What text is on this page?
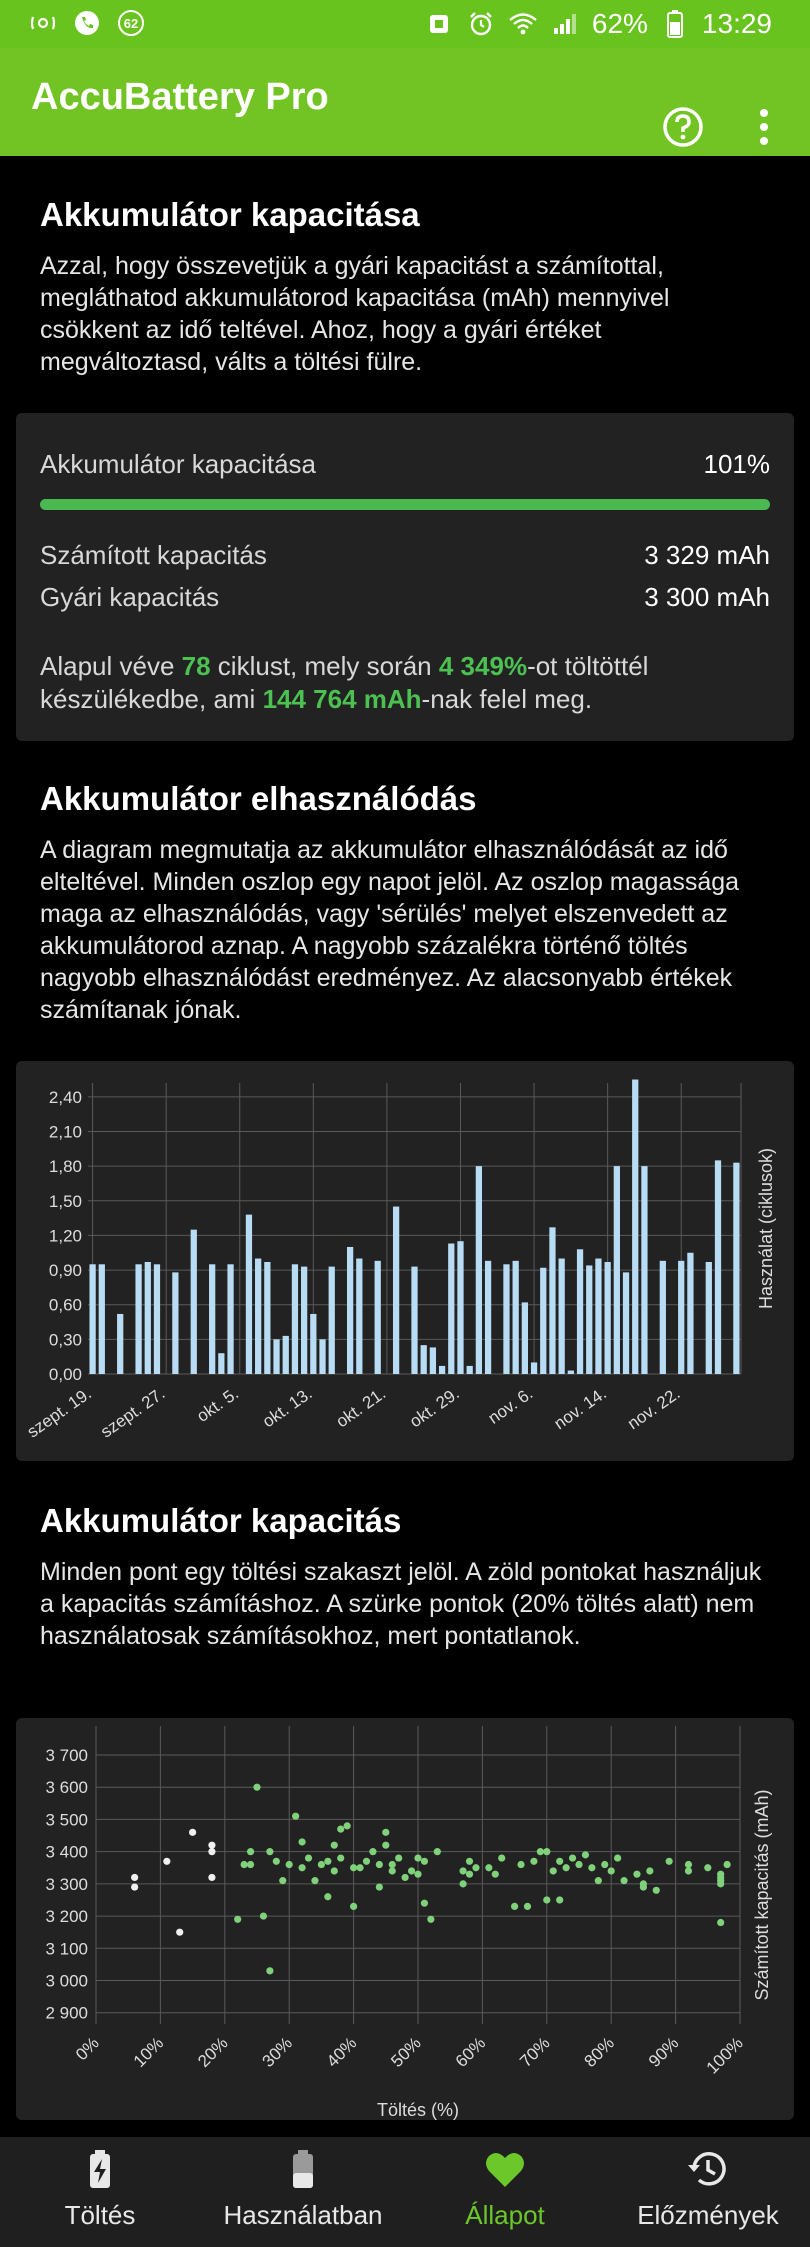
62	62% 13:29
AccuBattery Pro
Akkumulátor kapacitása
Azzal, hogy összevetjük a gyári kapacitást a számítottal, megláthatod akkumulátorod kapacitása (mAh) mennyivel csökkent az idő teltével. Ahoz, hogy a gyári értéket megváltoztasd, válts a töltési fülre.
Akkumulátor kapacitása	101%
Számított kapacitás	3 329 mAh
Gyári kapacitás	3 300 mAh
Alapul véve 78 ciklust, mely során 4 349%-ot töltöttél készülékedbe, ami 144 764 mAh-nak felel meg.
Akkumulátor elhasználódás
A diagram megmutatja az akkumulátor elhasználódását az idő elteltével. Minden oszlop egy napot jelöl. Az oszlop magassága maga az elhasználódás, vagy 'sérülés' melyet elszenvedett az akkumulátorod aznap. A nagyobb százalékra történő töltés nagyobb elhasználódást eredményez. Az alacsonyabb értékek számítanak jónak.
0,00
0,30
0,60
0,90
1,20
1,50
1,80
2,10
2,40
szept. 19. szept. 27. okt. 5. okt. 13. okt. 21. okt. 29. nov. 6. nov. 14. nov. 22.
Használat (ciklusok)
Akkumulátor kapacitás
Minden pont egy töltési szakaszt jelöl. A zöld pontokat használjuk a kapacitás számításhoz. A szürke pontok (20% töltés alatt) nem használatosak számításokhoz, mert pontatlanok.
2 900
3 000
3 100
3 200
3 300
3 400
3 500
3 600
3 700
0% 10% 20% 30% 40% 50% 60% 70% 80% 90% 100%
Töltés (%)
Számított kapacitás (mAh)
Töltés	Használatban	Állapot	Előzmények
